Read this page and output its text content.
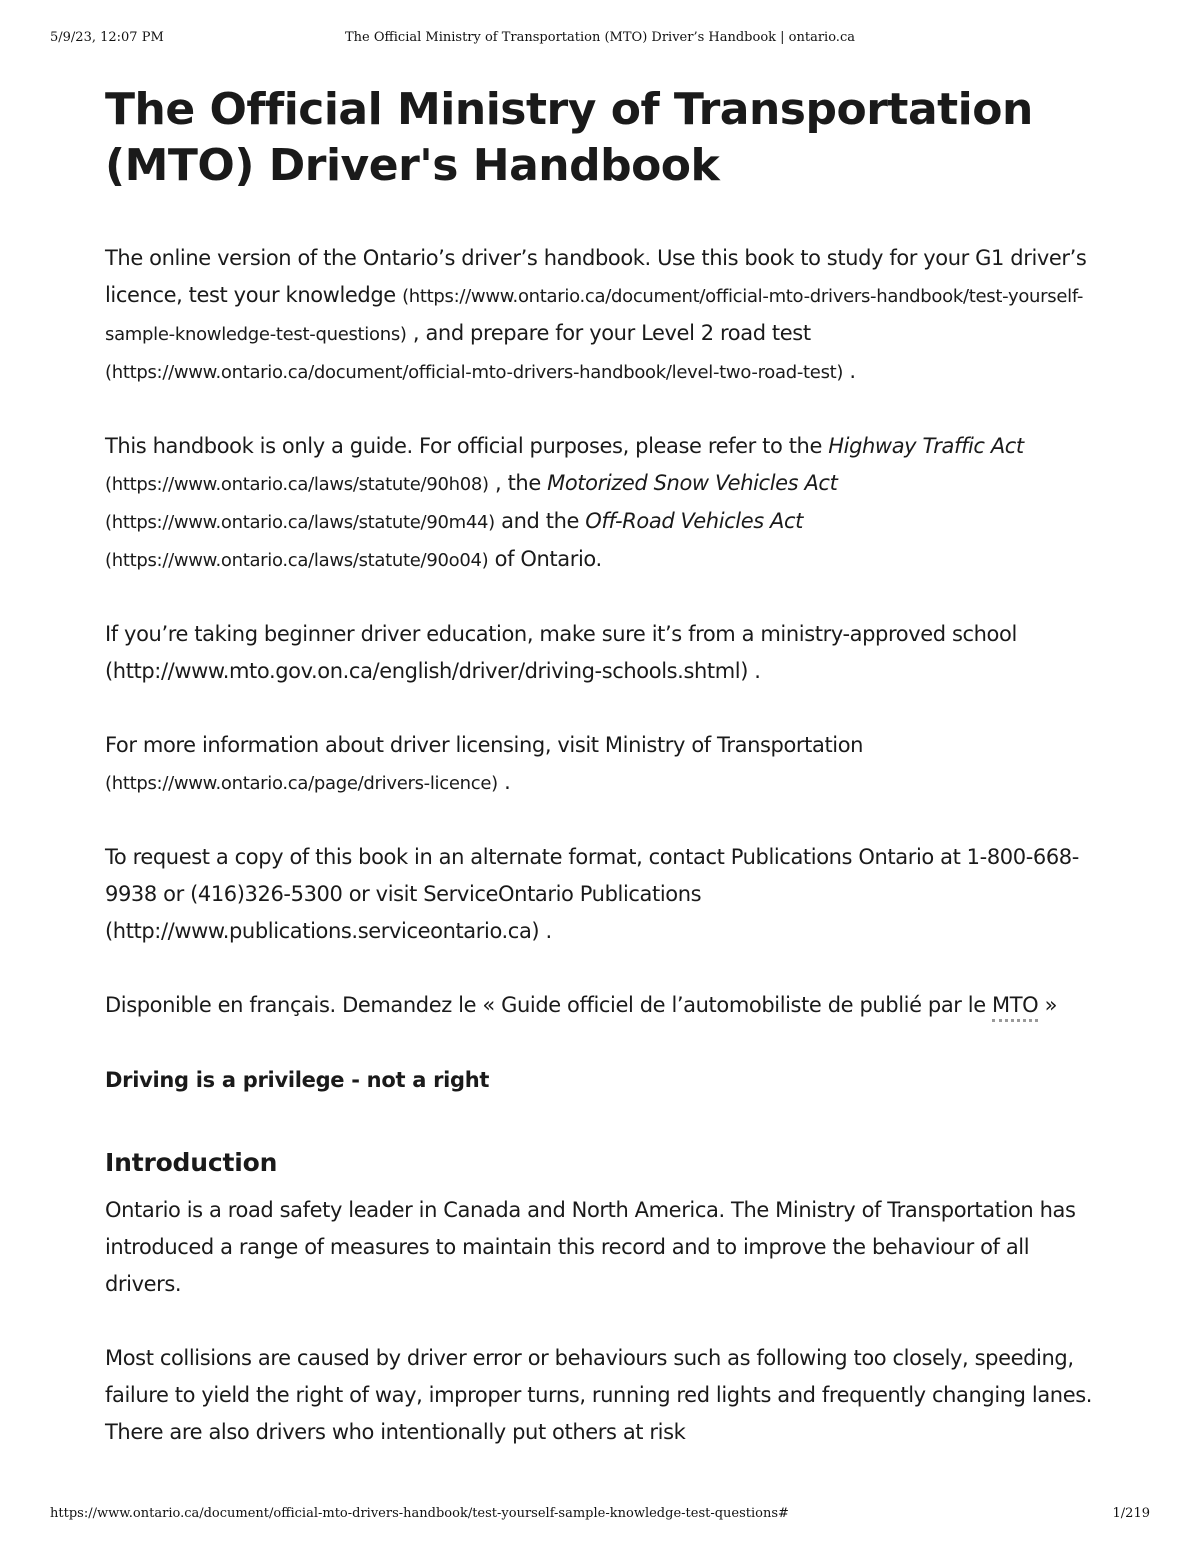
5/9/23, 12:07 PM	The Official Ministry of Transportation (MTO) Driver’s Handbook | ontario.ca
The Official Ministry of Transportation
(MTO) Driver's Handbook

The online version of the Ontario’s driver’s handbook. Use this book to study for your G1 driver’s licence, test your knowledge (https://www.ontario.ca/document/official-mto-drivers-handbook/test-yourself-sample-knowledge-test-questions) , and prepare for your Level 2 road test (https://www.ontario.ca/document/official-mto-drivers-handbook/level-two-road-test) .

This handbook is only a guide. For official purposes, please refer to the Highway Traffic Act
(https://www.ontario.ca/laws/statute/90h08) , the Motorized Snow Vehicles Act
(https://www.ontario.ca/laws/statute/90m44) and the Off-Road Vehicles Act
(https://www.ontario.ca/laws/statute/90o04) of Ontario.

If you’re taking beginner driver education, make sure it’s from a ministry-approved school
(http://www.mto.gov.on.ca/english/driver/driving-schools.shtml) .

For more information about driver licensing, visit Ministry of Transportation
(https://www.ontario.ca/page/drivers-licence) .

To request a copy of this book in an alternate format, contact Publications Ontario at 1-800-668-9938 or (416)326-5300 or visit ServiceOntario Publications
(http://www.publications.serviceontario.ca) .

Disponible en français. Demandez le « Guide officiel de l’automobiliste de publié par le MTO »

Driving is a privilege - not a right
Introduction

Ontario is a road safety leader in Canada and North America. The Ministry of Transportation has introduced a range of measures to maintain this record and to improve the behaviour of all drivers.

Most collisions are caused by driver error or behaviours such as following too closely, speeding, failure to yield the right of way, improper turns, running red lights and frequently changing lanes. There are also drivers who intentionally put others at risk

https://www.ontario.ca/document/official-mto-drivers-handbook/test-yourself-sample-knowledge-test-questions#	1/219
